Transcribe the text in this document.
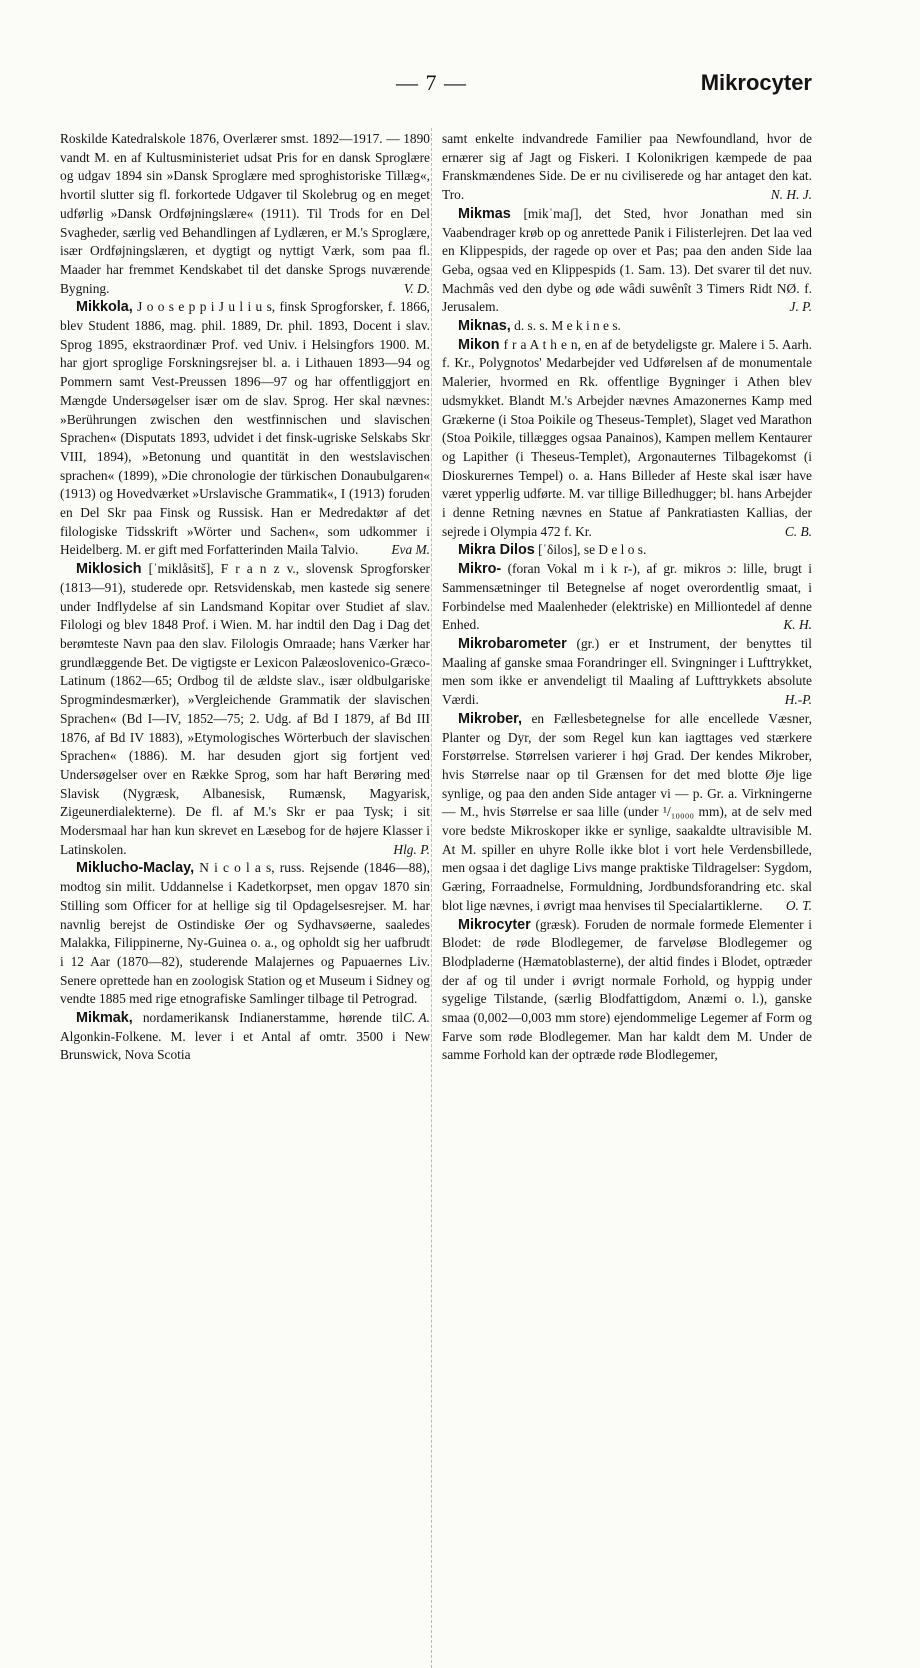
— 7 —	Mikrocyter

Roskilde Katedralskole 1876, Overlærer smst. 1892—1917. — 1890 vandt M. en af Kultusministeriet udsat Pris for en dansk Sproglære og udgav 1894 sin »Dansk Sproglære med sproghistoriske Tillæg«, hvortil slutter sig fl. forkortede Udgaver til Skolebrug og en meget udførlig »Dansk Ordføjningslære« (1911). Til Trods for en Del Svagheder, særlig ved Behandlingen af Lydlæren, er M.'s Sproglære, især Ordføjningslæren, et dygtigt og nyttigt Værk, som paa fl. Maader har fremmet Kendskabet til det danske Sprogs nuværende Bygning.	V. D.

Mikkola, J o o s e p p i J u l i u s, finsk Sprogforsker, f. 1866, blev Student 1886, mag. phil. 1889, Dr. phil. 1893, Docent i slav. Sprog 1895, ekstraordinær Prof. ved Univ. i Helsingfors 1900. M. har gjort sproglige Forskningsrejser bl. a. i Lithauen 1893—94 og Pommern samt Vest-Preussen 1896—97 og har offentliggjort en Mængde Undersøgelser især om de slav. Sprog. Her skal nævnes: »Berührungen zwischen den westfinnischen und slavischen Sprachen« (Disputats 1893, udvidet i det finsk-ugriske Selskabs Skr VIII, 1894), »Betonung und quantität in den westslavischen sprachen« (1899), »Die chronologie der türkischen Donaubulgaren« (1913) og Hovedværket »Urslavische Grammatik«, I (1913) foruden en Del Skr paa Finsk og Russisk. Han er Medredaktør af det filologiske Tidsskrift »Wörter und Sachen«, som udkommer i Heidelberg. M. er gift med Forfatterinden Maila Talvio. Eva M.

Miklosich [ˈmiklåsitš], F r a n z v., slovensk Sprogforsker (1813—91), studerede opr. Retsvidenskab, men kastede sig senere under Indflydelse af sin Landsmand Kopitar over Studiet af slav. Filologi og blev 1848 Prof. i Wien. M. har indtil den Dag i Dag det berømteste Navn paa den slav. Filologis Omraade; hans Værker har grundlæggende Bet. De vigtigste er Lexicon Palæoslovenico-Græco-Latinum (1862—65; Ordbog til de ældste slav., især oldbulgariske Sprogmindesmærker), »Vergleichende Grammatik der slavischen Sprachen« (Bd I—IV, 1852—75; 2. Udg. af Bd I 1879, af Bd III 1876, af Bd IV 1883), »Etymologisches Wörterbuch der slavischen Sprachen« (1886). M. har desuden gjort sig fortjent ved Undersøgelser over en Række Sprog, som har haft Berøring med Slavisk (Nygræsk, Albanesisk, Rumænsk, Magyarisk, Zigeunerdialekterne). De fl. af M.'s Skr er paa Tysk; i sit Modersmaal har han kun skrevet en Læsebog for de højere Klasser i Latinskolen.	Hlg. P.

Miklucho-Maclay, N i c o l a s, russ. Rejsende (1846—88), modtog sin milit. Uddannelse i Kadetkorpset, men opgav 1870 sin Stilling som Officer for at hellige sig til Opdagelsesrejser. M. har navnlig berejst de Ostindiske Øer og Sydhavsøerne, saaledes Malakka, Filippinerne, Ny-Guinea o. a., og opholdt sig her uafbrudt i 12 Aar (1870—82), studerende Malajernes og Papuaernes Liv. Senere oprettede han en zoologisk Station og et Museum i Sidney og vendte 1885 med rige etnografiske Samlinger tilbage til Petrograd.
C. A.

Mikmak, nordamerikansk Indianerstamme, hørende til Algonkin-Folkene. M. lever i et Antal af omtr. 3500 i New Brunswick, Nova Scotia

samt enkelte indvandrede Familier paa Newfoundland, hvor de ernærer sig af Jagt og Fiskeri. I Kolonikrigen kæmpede de paa Franskmændenes Side. De er nu civiliserede og har antaget den kat. Tro.	N. H. J.

Mikmas [mikˈmaʃ], det Sted, hvor Jonathan med sin Vaabendrager krøb op og anrettede Panik i Filisterlejren. Det laa ved en Klippespids, der ragede op over et Pas; paa den anden Side laa Geba, ogsaa ved en Klippespids (1. Sam. 13). Det svarer til det nuv. Machmâs ved den dybe og øde wâdi suwênît 3 Timers Ridt NØ. f. Jerusalem.	J. P.

Miknas, d. s. s. M e k i n e s.

Mikon f r a A t h e n, en af de betydeligste gr. Malere i 5. Aarh. f. Kr., Polygnotos' Medarbejder ved Udførelsen af de monumentale Malerier, hvormed en Rk. offentlige Bygninger i Athen blev udsmykket. Blandt M.'s Arbejder nævnes Amazonernes Kamp med Grækerne (i Stoa Poikile og Theseus-Templet), Slaget ved Marathon (Stoa Poikile, tillægges ogsaa Panainos), Kampen mellem Kentaurer og Lapither (i Theseus-Templet), Argonauternes Tilbagekomst (i Dioskurernes Tempel) o. a. Hans Billeder af Heste skal især have været ypperlig udførte. M. var tillige Billedhugger; bl. hans Arbejder i denne Retning nævnes en Statue af Pankratiasten Kallias, der sejrede i Olympia 472 f. Kr.	C. B.

Mikra Dilos [ˈδilos], se D e l o s.

Mikro- (foran Vokal m i k r-), af gr. mikros ɔ: lille, brugt i Sammensætninger til Betegnelse af noget overordentlig smaat, i Forbindelse med Maalenheder (elektriske) en Milliontedel af denne Enhed.	K. H.

Mikrobarometer (gr.) er et Instrument, der benyttes til Maaling af ganske smaa Forandringer ell. Svingninger i Lufttrykket, men som ikke er anvendeligt til Maaling af Lufttrykkets absolute Værdi.	H.-P.

Mikrober, en Fællesbetegnelse for alle encellede Væsner, Planter og Dyr, der som Regel kun kan iagttages ved stærkere Forstørrelse. Størrelsen varierer i høj Grad. Der kendes Mikrober, hvis Størrelse naar op til Grænsen for det med blotte Øje lige synlige, og paa den anden Side antager vi — p. Gr. a. Virkningerne — M., hvis Størrelse er saa lille (under ¹/₁₀₀₀₀ mm), at de selv med vore bedste Mikroskoper ikke er synlige, saakaldte ultravisible M. At M. spiller en uhyre Rolle ikke blot i vort hele Verdensbillede, men ogsaa i det daglige Livs mange praktiske Tildragelser: Sygdom, Gæring, Forraadnelse, Formuldning, Jordbundsforandring etc. skal blot lige nævnes, i øvrigt maa henvises til Specialartiklerne. O. T.

Mikrocyter (græsk). Foruden de normale formede Elementer i Blodet: de røde Blodlegemer, de farveløse Blodlegemer og Blodpladerne (Hæmatoblasterne), der altid findes i Blodet, optræder der af og til under i øvrigt normale Forhold, og hyppig under sygelige Tilstande, (særlig Blodfattigdom, Anæmi o. l.), ganske smaa (0,002—0,003 mm store) ejendommelige Legemer af Form og Farve som røde Blodlegemer. Man har kaldt dem M. Under de samme Forhold kan der optræde røde Blodlegemer,
